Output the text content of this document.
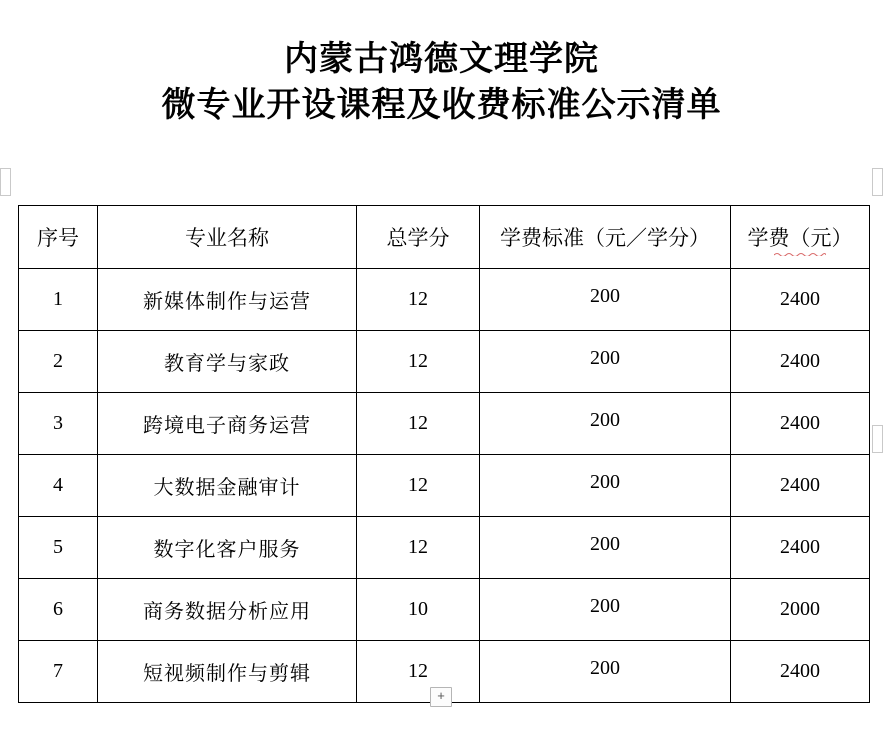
内蒙古鸿德文理学院
微专业开设课程及收费标准公示清单
序号	专业名称	总学分	学费标准（元／学分）	学费（元）

1	新媒体制作与运营	12	200	2400
2	教育学与家政	12	200	2400
3	跨境电子商务运营	12	200	2400
4	大数据金融审计	12	200	2400
5	数字化客户服务	12	200	2400
6	商务数据分析应用	10	200	2000
7	短视频制作与剪辑	12	200	2400
+
